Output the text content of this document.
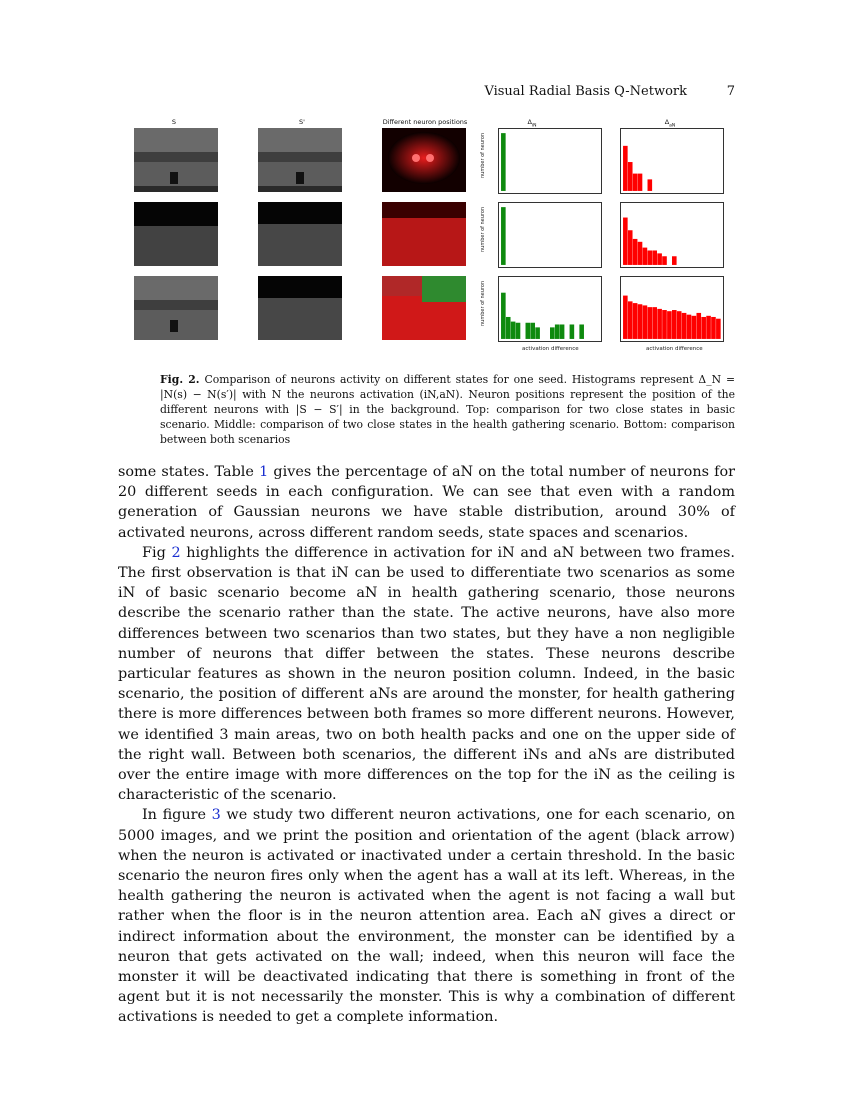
Visual Radial Basis Q-Network	7
S	S'	Different neuron positions	$\Delta_{iN}$	$\Delta_{aN}$
number of neuron
number of neuron
number of neuron
activation difference	activation difference
Fig. 2. Comparison of neurons activity on different states for one seed. Histograms represent Δ_N = |N(s) − N(s′)| with N the neurons activation (iN,aN). Neuron positions represent the position of the different neurons with |S − S′| in the background. Top: comparison for two close states in basic scenario. Middle: comparison of two close states in the health gathering scenario. Bottom: comparison between both scenarios

some states. Table 1 gives the percentage of aN on the total number of neurons for 20 different seeds in each configuration. We can see that even with a random generation of Gaussian neurons we have stable distribution, around 30% of activated neurons, across different random seeds, state spaces and scenarios.

Fig 2 highlights the difference in activation for iN and aN between two frames. The first observation is that iN can be used to differentiate two scenarios as some iN of basic scenario become aN in health gathering scenario, those neurons describe the scenario rather than the state. The active neurons, have also more differences between two scenarios than two states, but they have a non negligible number of neurons that differ between the states. These neurons describe particular features as shown in the neuron position column. Indeed, in the basic scenario, the position of different aNs are around the monster, for health gathering there is more differences between both frames so more different neurons. However, we identified 3 main areas, two on both health packs and one on the upper side of the right wall. Between both scenarios, the different iNs and aNs are distributed over the entire image with more differences on the top for the iN as the ceiling is characteristic of the scenario.

In figure 3 we study two different neuron activations, one for each scenario, on 5000 images, and we print the position and orientation of the agent (black arrow) when the neuron is activated or inactivated under a certain threshold. In the basic scenario the neuron fires only when the agent has a wall at its left. Whereas, in the health gathering the neuron is activated when the agent is not facing a wall but rather when the floor is in the neuron attention area. Each aN gives a direct or indirect information about the environment, the monster can be identified by a neuron that gets activated on the wall; indeed, when this neuron will face the monster it will be deactivated indicating that there is something in front of the agent but it is not necessarily the monster. This is why a combination of different activations is needed to get a complete information.
